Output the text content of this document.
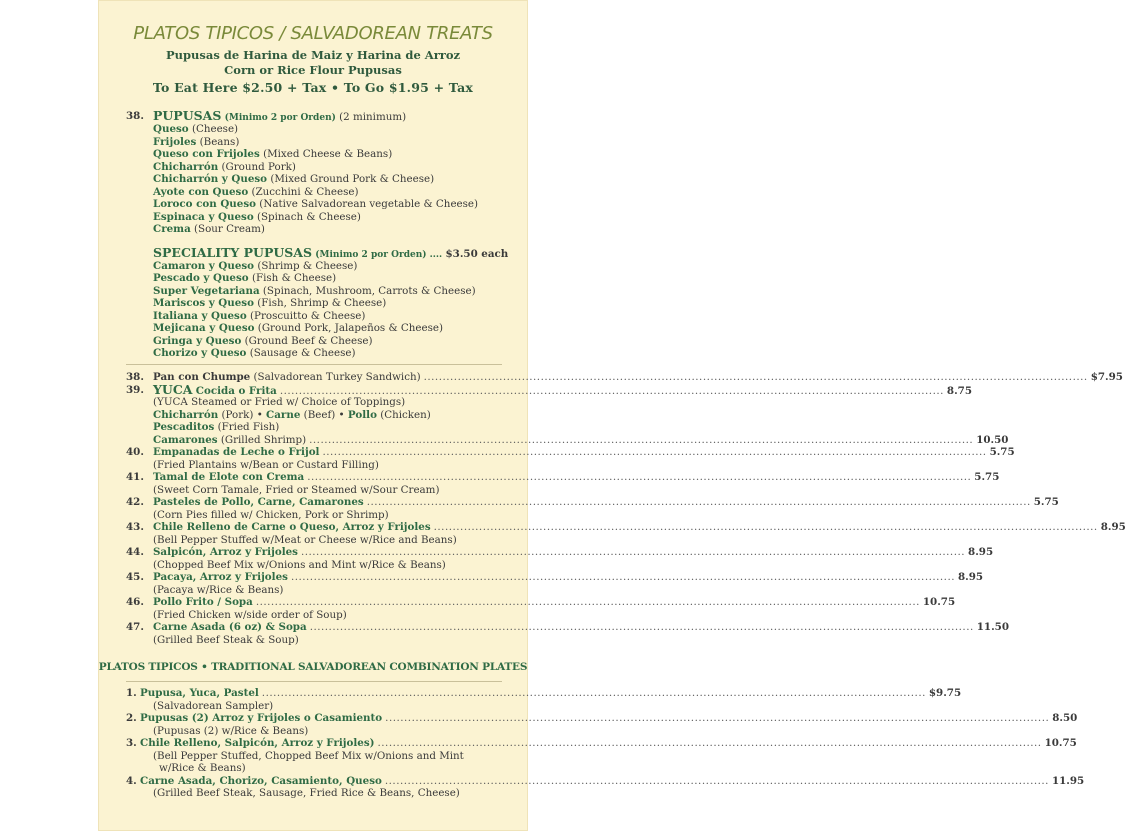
PLATOS TIPICOS / SALVADOREAN TREATS
Pupusas de Harina de Maiz y Harina de Arroz
Corn or Rice Flour Pupusas
To Eat Here $2.50 + Tax • To Go $1.95 + Tax
38. PUPUSAS (Minimo 2 por Orden) (2 minimum)
Queso (Cheese)
Frijoles (Beans)
Queso con Frijoles (Mixed Cheese & Beans)
Chicharrón (Ground Pork)
Chicharrón y Queso (Mixed Ground Pork & Cheese)
Ayote con Queso (Zucchini & Cheese)
Loroco con Queso (Native Salvadorean vegetable & Cheese)
Espinaca y Queso (Spinach & Cheese)
Crema (Sour Cream)
SPECIALITY PUPUSAS (Minimo 2 por Orden) .... $3.50 each
Camaron y Queso (Shrimp & Cheese)
Pescado y Queso (Fish & Cheese)
Super Vegetariana (Spinach, Mushroom, Carrots & Cheese)
Mariscos y Queso (Fish, Shrimp & Cheese)
Italiana y Queso (Proscuitto & Cheese)
Mejicana y Queso (Ground Pork, Jalapeños & Cheese)
Gringa y Queso (Ground Beef & Cheese)
Chorizo y Queso (Sausage & Cheese)
38. Pan con Chumpe (Salvadorean Turkey Sandwich) .....	$7.95
39. YUCA Cocida o Frita .....	8.75
(YUCA Steamed or Fried w/ Choice of Toppings)
Chicharrón (Pork) • Carne (Beef) • Pollo (Chicken)
Pescaditos (Fried Fish)
Camarones (Grilled Shrimp) .....	10.50
40. Empanadas de Leche o Frijol .....	5.75
(Fried Plantains w/Bean or Custard Filling)
41. Tamal de Elote con Crema .....	5.75
(Sweet Corn Tamale, Fried or Steamed w/Sour Cream)
42. Pasteles de Pollo, Carne, Camarones .....	5.75
(Corn Pies filled w/ Chicken, Pork or Shrimp)
43. Chile Relleno de Carne o Queso, Arroz y Frijoles .....	8.95
(Bell Pepper Stuffed w/Meat or Cheese w/Rice and Beans)
44. Salpicón, Arroz y Frijoles .....	8.95
(Chopped Beef Mix w/Onions and Mint w/Rice & Beans)
45. Pacaya, Arroz y Frijoles .....	8.95
(Pacaya w/Rice & Beans)
46. Pollo Frito / Sopa .....	10.75
(Fried Chicken w/side order of Soup)
47. Carne Asada (6 oz) & Sopa .....	11.50
(Grilled Beef Steak & Soup)
PLATOS TIPICOS • TRADITIONAL SALVADOREAN COMBINATION PLATES
1. Pupusa, Yuca, Pastel .....	$9.75
(Salvadorean Sampler)
2. Pupusas (2) Arroz y Frijoles o Casamiento .....	8.50
(Pupusas (2) w/Rice & Beans)
3. Chile Relleno, Salpicón, Arroz y Frijoles) .....	10.75
(Bell Pepper Stuffed, Chopped Beef Mix w/Onions and Mint
w/Rice & Beans)
4. Carne Asada, Chorizo, Casamiento, Queso .....	11.95
(Grilled Beef Steak, Sausage, Fried Rice & Beans, Cheese)
